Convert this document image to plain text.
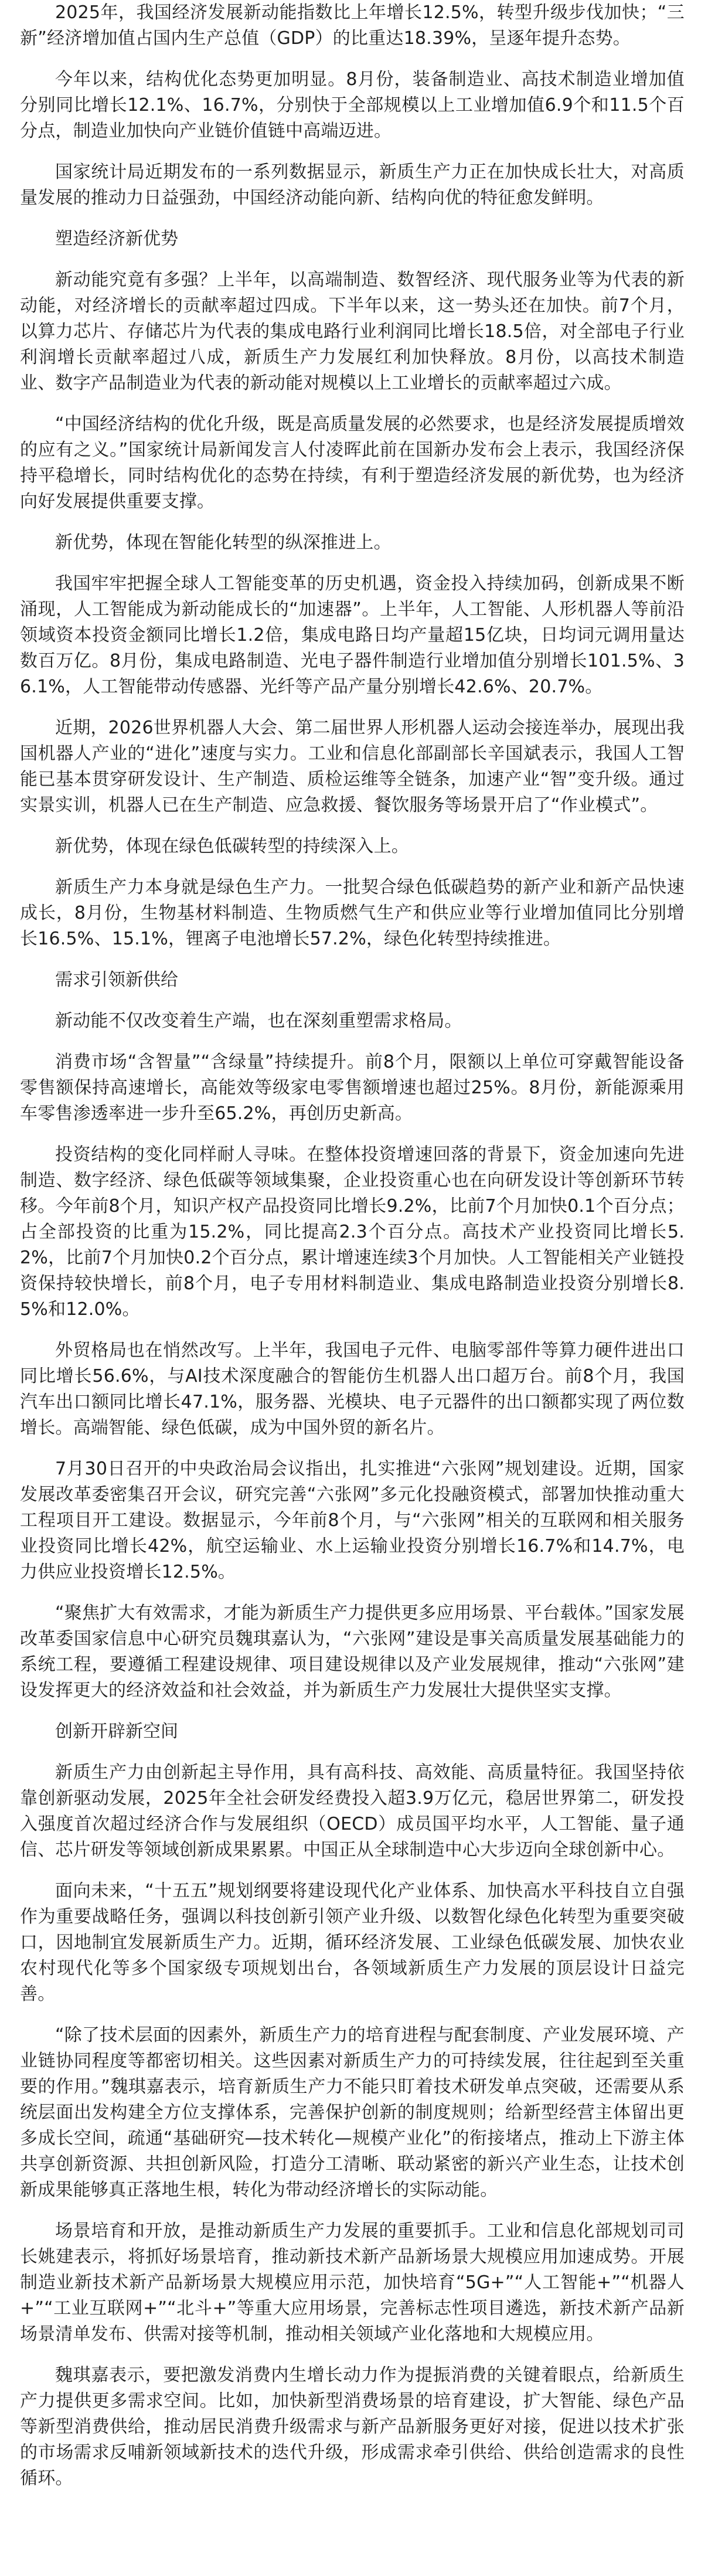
2025年，我国经济发展新动能指数比上年增长12.5%，转型升级步伐加快；“三新”经济增加值占国内生产总值（GDP）的比重达18.39%，呈逐年提升态势。

今年以来，结构优化态势更加明显。8月份，装备制造业、高技术制造业增加值分别同比增长12.1%、16.7%，分别快于全部规模以上工业增加值6.9个和11.5个百分点，制造业加快向产业链价值链中高端迈进。

国家统计局近期发布的一系列数据显示，新质生产力正在加快成长壮大，对高质量发展的推动力日益强劲，中国经济动能向新、结构向优的特征愈发鲜明。

塑造经济新优势

新动能究竟有多强？上半年，以高端制造、数智经济、现代服务业等为代表的新动能，对经济增长的贡献率超过四成。下半年以来，这一势头还在加快。前7个月，以算力芯片、存储芯片为代表的集成电路行业利润同比增长18.5倍，对全部电子行业利润增长贡献率超过八成，新质生产力发展红利加快释放。8月份，以高技术制造业、数字产品制造业为代表的新动能对规模以上工业增长的贡献率超过六成。

“中国经济结构的优化升级，既是高质量发展的必然要求，也是经济发展提质增效的应有之义。”国家统计局新闻发言人付凌晖此前在国新办发布会上表示，我国经济保持平稳增长，同时结构优化的态势在持续，有利于塑造经济发展的新优势，也为经济向好发展提供重要支撑。

新优势，体现在智能化转型的纵深推进上。

我国牢牢把握全球人工智能变革的历史机遇，资金投入持续加码，创新成果不断涌现，人工智能成为新动能成长的“加速器”。上半年，人工智能、人形机器人等前沿领域资本投资金额同比增长1.2倍，集成电路日均产量超15亿块，日均词元调用量达数百万亿。8月份，集成电路制造、光电子器件制造行业增加值分别增长101.5%、36.1%，人工智能带动传感器、光纤等产品产量分别增长42.6%、20.7%。

近期，2026世界机器人大会、第二届世界人形机器人运动会接连举办，展现出我国机器人产业的“进化”速度与实力。工业和信息化部副部长辛国斌表示，我国人工智能已基本贯穿研发设计、生产制造、质检运维等全链条，加速产业“智”变升级。通过实景实训，机器人已在生产制造、应急救援、餐饮服务等场景开启了“作业模式”。

新优势，体现在绿色低碳转型的持续深入上。

新质生产力本身就是绿色生产力。一批契合绿色低碳趋势的新产业和新产品快速成长，8月份，生物基材料制造、生物质燃气生产和供应业等行业增加值同比分别增长16.5%、15.1%，锂离子电池增长57.2%，绿色化转型持续推进。

需求引领新供给

新动能不仅改变着生产端，也在深刻重塑需求格局。

消费市场“含智量”“含绿量”持续提升。前8个月，限额以上单位可穿戴智能设备零售额保持高速增长，高能效等级家电零售额增速也超过25%。8月份，新能源乘用车零售渗透率进一步升至65.2%，再创历史新高。

投资结构的变化同样耐人寻味。在整体投资增速回落的背景下，资金加速向先进制造、数字经济、绿色低碳等领域集聚，企业投资重心也在向研发设计等创新环节转移。今年前8个月，知识产权产品投资同比增长9.2%，比前7个月加快0.1个百分点；占全部投资的比重为15.2%，同比提高2.3个百分点。高技术产业投资同比增长5.2%，比前7个月加快0.2个百分点，累计增速连续3个月加快。人工智能相关产业链投资保持较快增长，前8个月，电子专用材料制造业、集成电路制造业投资分别增长8.5%和12.0%。

外贸格局也在悄然改写。上半年，我国电子元件、电脑零部件等算力硬件进出口同比增长56.6%，与AI技术深度融合的智能仿生机器人出口超万台。前8个月，我国汽车出口额同比增长47.1%，服务器、光模块、电子元器件的出口额都实现了两位数增长。高端智能、绿色低碳，成为中国外贸的新名片。

7月30日召开的中央政治局会议指出，扎实推进“六张网”规划建设。近期，国家发展改革委密集召开会议，研究完善“六张网”多元化投融资模式，部署加快推动重大工程项目开工建设。数据显示，今年前8个月，与“六张网”相关的互联网和相关服务业投资同比增长42%，航空运输业、水上运输业投资分别增长16.7%和14.7%，电力供应业投资增长12.5%。

“聚焦扩大有效需求，才能为新质生产力提供更多应用场景、平台载体。”国家发展改革委国家信息中心研究员魏琪嘉认为，“六张网”建设是事关高质量发展基础能力的系统工程，要遵循工程建设规律、项目建设规律以及产业发展规律，推动“六张网”建设发挥更大的经济效益和社会效益，并为新质生产力发展壮大提供坚实支撑。

创新开辟新空间

新质生产力由创新起主导作用，具有高科技、高效能、高质量特征。我国坚持依靠创新驱动发展，2025年全社会研发经费投入超3.9万亿元，稳居世界第二，研发投入强度首次超过经济合作与发展组织（OECD）成员国平均水平，人工智能、量子通信、芯片研发等领域创新成果累累。中国正从全球制造中心大步迈向全球创新中心。

面向未来，“十五五”规划纲要将建设现代化产业体系、加快高水平科技自立自强作为重要战略任务，强调以科技创新引领产业升级、以数智化绿色化转型为重要突破口，因地制宜发展新质生产力。近期，循环经济发展、工业绿色低碳发展、加快农业农村现代化等多个国家级专项规划出台，各领域新质生产力发展的顶层设计日益完善。

“除了技术层面的因素外，新质生产力的培育进程与配套制度、产业发展环境、产业链协同程度等都密切相关。这些因素对新质生产力的可持续发展，往往起到至关重要的作用。”魏琪嘉表示，培育新质生产力不能只盯着技术研发单点突破，还需要从系统层面出发构建全方位支撑体系，完善保护创新的制度规则；给新型经营主体留出更多成长空间，疏通“基础研究—技术转化—规模产业化”的衔接堵点，推动上下游主体共享创新资源、共担创新风险，打造分工清晰、联动紧密的新兴产业生态，让技术创新成果能够真正落地生根，转化为带动经济增长的实际动能。

场景培育和开放，是推动新质生产力发展的重要抓手。工业和信息化部规划司司长姚建表示，将抓好场景培育，推动新技术新产品新场景大规模应用加速成势。开展制造业新技术新产品新场景大规模应用示范，加快培育“5G+”“人工智能+”“机器人+”“工业互联网+”“北斗+”等重大应用场景，完善标志性项目遴选，新技术新产品新场景清单发布、供需对接等机制，推动相关领域产业化落地和大规模应用。

魏琪嘉表示，要把激发消费内生增长动力作为提振消费的关键着眼点，给新质生产力提供更多需求空间。比如，加快新型消费场景的培育建设，扩大智能、绿色产品等新型消费供给，推动居民消费升级需求与新产品新服务更好对接，促进以技术扩张的市场需求反哺新领域新技术的迭代升级，形成需求牵引供给、供给创造需求的良性循环。
